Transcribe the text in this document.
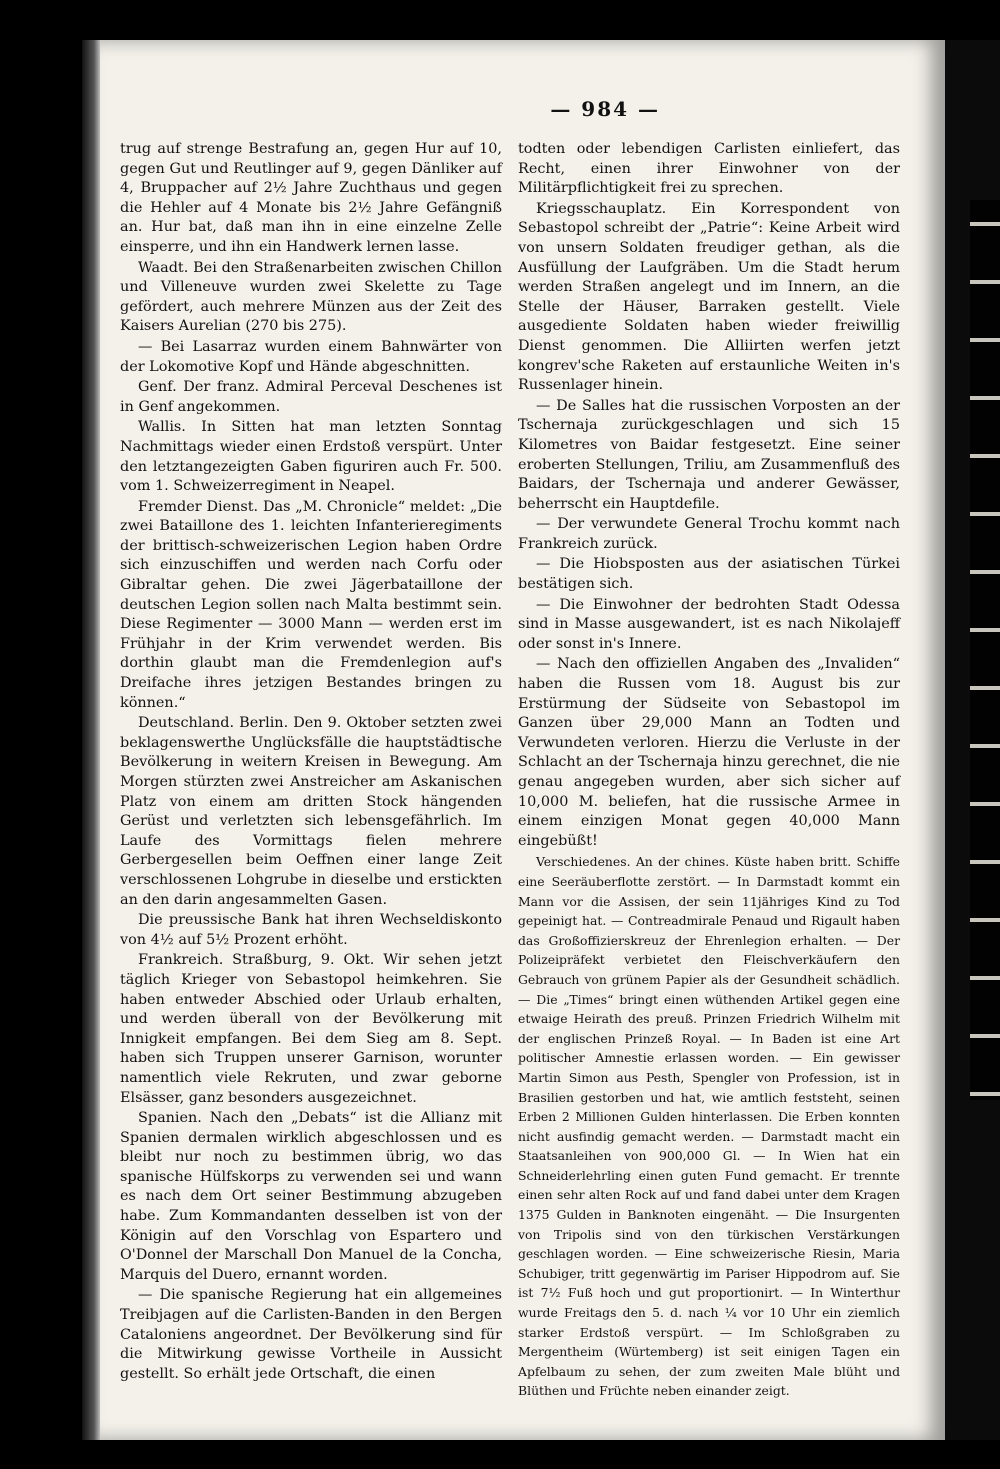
— 984 —

trug auf strenge Bestrafung an, gegen Hur auf 10, gegen Gut und Reutlinger auf 9, gegen Dänliker auf 4, Bruppacher auf 2½ Jahre Zuchthaus und gegen die Hehler auf 4 Monate bis 2½ Jahre Gefängniß an. Hur bat, daß man ihn in eine einzelne Zelle einsperre, und ihn ein Handwerk lernen lasse.

Waadt. Bei den Straßenarbeiten zwischen Chillon und Villeneuve wurden zwei Skelette zu Tage gefördert, auch mehrere Münzen aus der Zeit des Kaisers Aurelian (270 bis 275).

— Bei Lasarraz wurden einem Bahnwärter von der Lokomotive Kopf und Hände abgeschnitten.

Genf. Der franz. Admiral Perceval Deschenes ist in Genf angekommen.

Wallis. In Sitten hat man letzten Sonntag Nachmittags wieder einen Erdstoß verspürt. Unter den letztangezeigten Gaben figuriren auch Fr. 500. vom 1. Schweizerregiment in Neapel.

Fremder Dienst. Das „M. Chronicle“ meldet: „Die zwei Bataillone des 1. leichten Infanterieregiments der brittisch-schweizerischen Legion haben Ordre sich einzuschiffen und werden nach Corfu oder Gibraltar gehen. Die zwei Jägerbataillone der deutschen Legion sollen nach Malta bestimmt sein. Diese Regimenter — 3000 Mann — werden erst im Frühjahr in der Krim verwendet werden. Bis dorthin glaubt man die Fremdenlegion auf's Dreifache ihres jetzigen Bestandes bringen zu können.“

Deutschland. Berlin. Den 9. Oktober setzten zwei beklagenswerthe Unglücksfälle die hauptstädtische Bevölkerung in weitern Kreisen in Bewegung. Am Morgen stürzten zwei Anstreicher am Askanischen Platz von einem am dritten Stock hängenden Gerüst und verletzten sich lebensgefährlich. Im Laufe des Vormittags fielen mehrere Gerbergesellen beim Oeffnen einer lange Zeit verschlossenen Lohgrube in dieselbe und erstickten an den darin angesammelten Gasen.

Die preussische Bank hat ihren Wechseldiskonto von 4½ auf 5½ Prozent erhöht.

Frankreich. Straßburg, 9. Okt. Wir sehen jetzt täglich Krieger von Sebastopol heimkehren. Sie haben entweder Abschied oder Urlaub erhalten, und werden überall von der Bevölkerung mit Innigkeit empfangen. Bei dem Sieg am 8. Sept. haben sich Truppen unserer Garnison, worunter namentlich viele Rekruten, und zwar geborne Elsässer, ganz besonders ausgezeichnet.

Spanien. Nach den „Debats“ ist die Allianz mit Spanien dermalen wirklich abgeschlossen und es bleibt nur noch zu bestimmen übrig, wo das spanische Hülfskorps zu verwenden sei und wann es nach dem Ort seiner Bestimmung abzugeben habe. Zum Kommandanten desselben ist von der Königin auf den Vorschlag von Espartero und O'Donnel der Marschall Don Manuel de la Concha, Marquis del Duero, ernannt worden.

— Die spanische Regierung hat ein allgemeines Treibjagen auf die Carlisten-Banden in den Bergen Cataloniens angeordnet. Der Bevölkerung sind für die Mitwirkung gewisse Vortheile in Aussicht gestellt. So erhält jede Ortschaft, die einen

todten oder lebendigen Carlisten einliefert, das Recht, einen ihrer Einwohner von der Militärpflichtigkeit frei zu sprechen.

Kriegsschauplatz. Ein Korrespondent von Sebastopol schreibt der „Patrie“: Keine Arbeit wird von unsern Soldaten freudiger gethan, als die Ausfüllung der Laufgräben. Um die Stadt herum werden Straßen angelegt und im Innern, an die Stelle der Häuser, Barraken gestellt. Viele ausgediente Soldaten haben wieder freiwillig Dienst genommen. Die Alliirten werfen jetzt kongrev'sche Raketen auf erstaunliche Weiten in's Russenlager hinein.

— De Salles hat die russischen Vorposten an der Tschernaja zurückgeschlagen und sich 15 Kilometres von Baidar festgesetzt. Eine seiner eroberten Stellungen, Triliu, am Zusammenfluß des Baidars, der Tschernaja und anderer Gewässer, beherrscht ein Hauptdefile.

— Der verwundete General Trochu kommt nach Frankreich zurück.

— Die Hiobsposten aus der asiatischen Türkei bestätigen sich.

— Die Einwohner der bedrohten Stadt Odessa sind in Masse ausgewandert, ist es nach Nikolajeff oder sonst in's Innere.

— Nach den offiziellen Angaben des „Invaliden“ haben die Russen vom 18. August bis zur Erstürmung der Südseite von Sebastopol im Ganzen über 29,000 Mann an Todten und Verwundeten verloren. Hierzu die Verluste in der Schlacht an der Tschernaja hinzu gerechnet, die nie genau angegeben wurden, aber sich sicher auf 10,000 M. beliefen, hat die russische Armee in einem einzigen Monat gegen 40,000 Mann eingebüßt!

Verschiedenes. An der chines. Küste haben britt. Schiffe eine Seeräuberflotte zerstört. — In Darmstadt kommt ein Mann vor die Assisen, der sein 11jähriges Kind zu Tod gepeinigt hat. — Contreadmirale Penaud und Rigault haben das Großoffizierskreuz der Ehrenlegion erhalten. — Der Polizeipräfekt verbietet den Fleischverkäufern den Gebrauch von grünem Papier als der Gesundheit schädlich. — Die „Times“ bringt einen wüthenden Artikel gegen eine etwaige Heirath des preuß. Prinzen Friedrich Wilhelm mit der englischen Prinzeß Royal. — In Baden ist eine Art politischer Amnestie erlassen worden. — Ein gewisser Martin Simon aus Pesth, Spengler von Profession, ist in Brasilien gestorben und hat, wie amtlich feststeht, seinen Erben 2 Millionen Gulden hinterlassen. Die Erben konnten nicht ausfindig gemacht werden. — Darmstadt macht ein Staatsanleihen von 900,000 Gl. — In Wien hat ein Schneiderlehrling einen guten Fund gemacht. Er trennte einen sehr alten Rock auf und fand dabei unter dem Kragen 1375 Gulden in Banknoten eingenäht. — Die Insurgenten von Tripolis sind von den türkischen Verstärkungen geschlagen worden. — Eine schweizerische Riesin, Maria Schubiger, tritt gegenwärtig im Pariser Hippodrom auf. Sie ist 7½ Fuß hoch und gut proportionirt. — In Winterthur wurde Freitags den 5. d. nach ¼ vor 10 Uhr ein ziemlich starker Erdstoß verspürt. — Im Schloßgraben zu Mergentheim (Würtemberg) ist seit einigen Tagen ein Apfelbaum zu sehen, der zum zweiten Male blüht und Blüthen und Früchte neben einander zeigt.
